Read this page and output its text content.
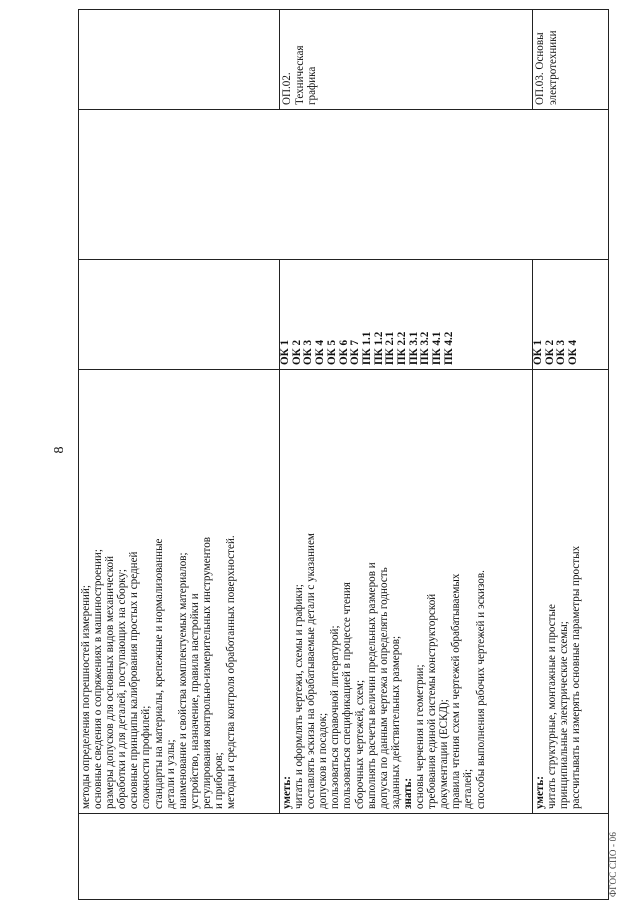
8
методы определения погрешностей измерений; основные сведения о сопряжениях в машиностроении; размеры допусков для основных видов механической обработки и для деталей, поступающих на сборку; основные принципы калибрования простых и средней сложности профилей; стандарты на материалы, крепежные и нормализованные детали и узлы; наименование и свойства комплектуемых материалов; устройство, назначение, правила настройки и регулирования контрольно-измерительных инструментов и приборов; методы и средства контроля обработанных поверхностей.	уметь: читать и оформлять чертежи, схемы и графики; составлять эскизы на обрабатываемые детали с указанием допусков и посадок; пользоваться справочной литературой; пользоваться спецификацией в процессе чтения сборочных чертежей, схем; выполнять расчеты величин предельных размеров и допуска по данным чертежа и определять годность заданных действительных размеров; знать: основы черчения и геометрии; требования единой системы конструкторской документации (ЕСКД); правила чтения схем и чертежей обрабатываемых деталей; способы выполнения рабочих чертежей и эскизов.
ОК 1 ОК 2 ОК 3 ОК 4 ОК 5 ОК 6 ОК 7 ПК 1.1 ПК 1.2 ПК 2.1 ПК 2.2 ПК 3.1 ПК 3.2 ПК 4.1 ПК 4.2
ОП.02. Техническая графика
уметь: читать структурные, монтажные и простые принципиальные электрические схемы; рассчитывать и измерять основные параметры простых
ОК 1 ОК 2 ОК 3 ОК 4
ОП.03. Основы электротехники
ФГОС СПО - 06
